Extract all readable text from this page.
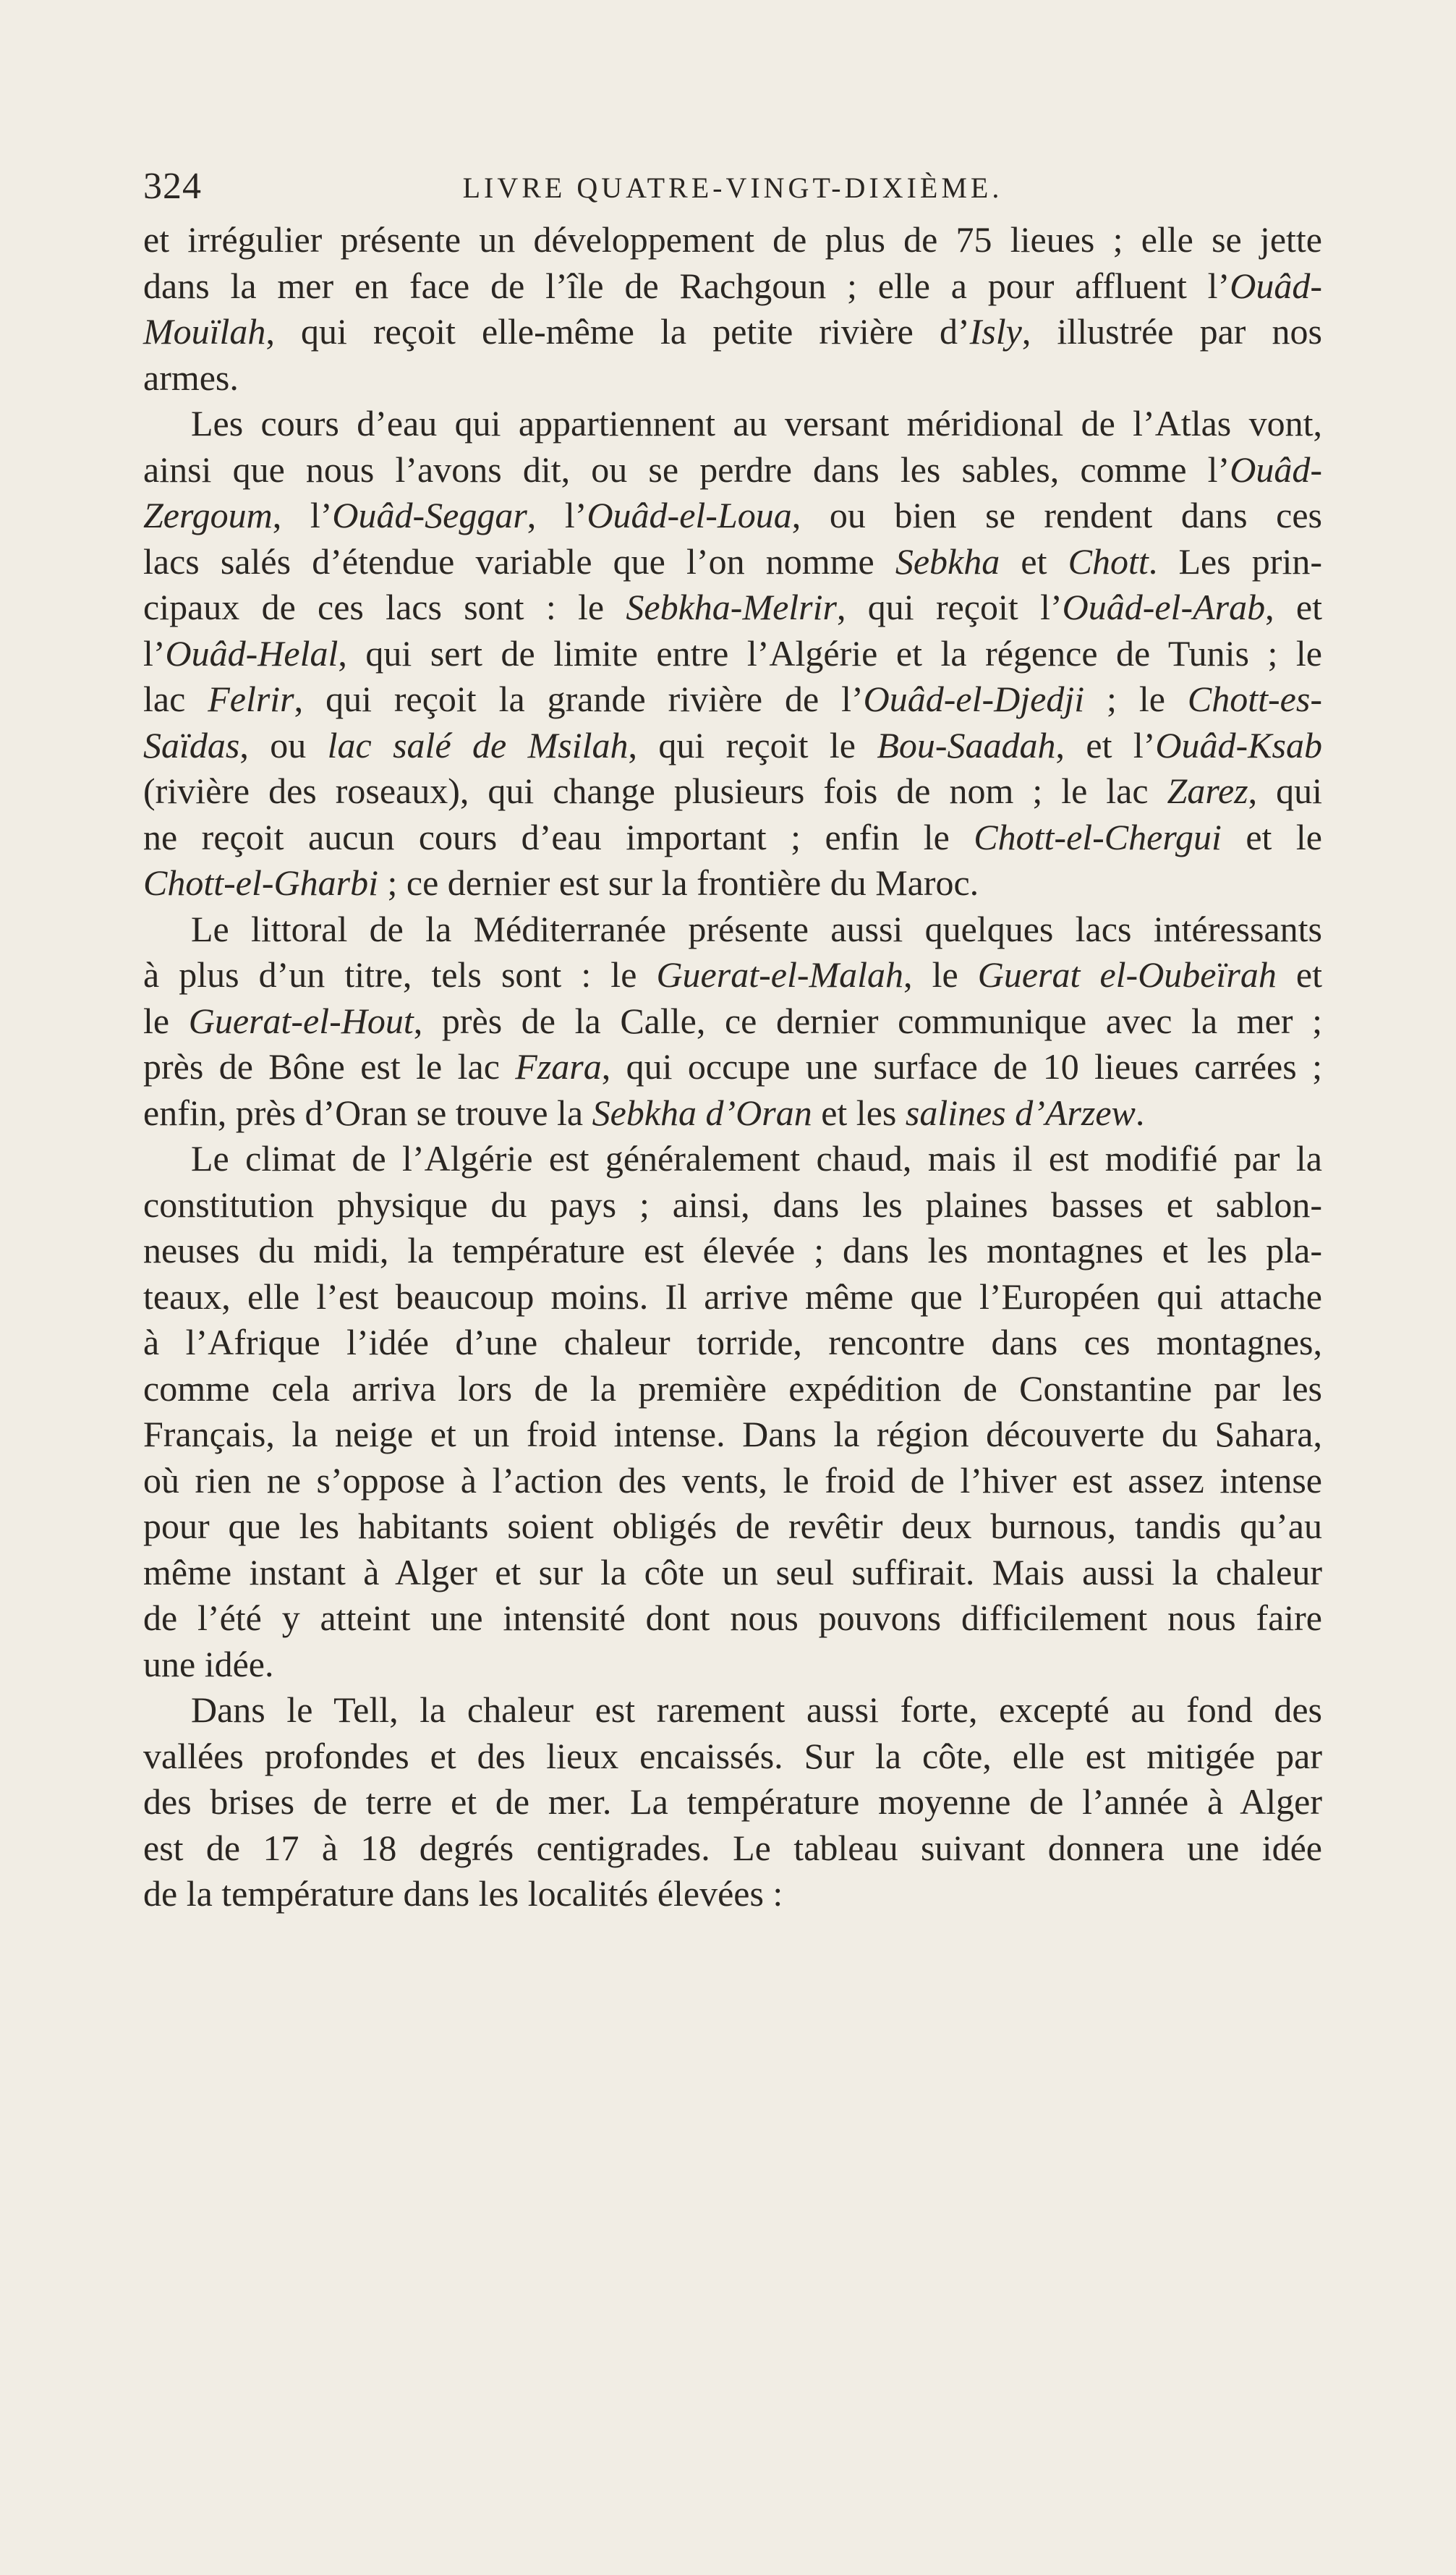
324	LIVRE QUATRE-VINGT-DIXIÈME.

et irrégulier présente un développement de plus de 75 lieues ; elle se jette
dans la mer en face de l’île de Rachgoun ; elle a pour affluent l’Ouâd-
Mouïlah, qui reçoit elle-même la petite rivière d’Isly, illustrée par nos
armes.

Les cours d’eau qui appartiennent au versant méridional de l’Atlas vont,
ainsi que nous l’avons dit, ou se perdre dans les sables, comme l’Ouâd-
Zergoum, l’Ouâd-Seggar, l’Ouâd-el-Loua, ou bien se rendent dans ces
lacs salés d’étendue variable que l’on nomme Sebkha et Chott. Les prin-
cipaux de ces lacs sont : le Sebkha-Melrir, qui reçoit l’Ouâd-el-Arab, et
l’Ouâd-Helal, qui sert de limite entre l’Algérie et la régence de Tunis ; le
lac Felrir, qui reçoit la grande rivière de l’Ouâd-el-Djedji ; le Chott-es-
Saïdas, ou lac salé de Msilah, qui reçoit le Bou-Saadah, et l’Ouâd-Ksab
(rivière des roseaux), qui change plusieurs fois de nom ; le lac Zarez, qui
ne reçoit aucun cours d’eau important ; enfin le Chott-el-Chergui et le
Chott-el-Gharbi ; ce dernier est sur la frontière du Maroc.

Le littoral de la Méditerranée présente aussi quelques lacs intéressants
à plus d’un titre, tels sont : le Guerat-el-Malah, le Guerat el-Oubeïrah et
le Guerat-el-Hout, près de la Calle, ce dernier communique avec la mer ;
près de Bône est le lac Fzara, qui occupe une surface de 10 lieues carrées ;
enfin, près d’Oran se trouve la Sebkha d’Oran et les salines d’Arzew.

Le climat de l’Algérie est généralement chaud, mais il est modifié par la
constitution physique du pays ; ainsi, dans les plaines basses et sablon-
neuses du midi, la température est élevée ; dans les montagnes et les pla-
teaux, elle l’est beaucoup moins. Il arrive même que l’Européen qui attache
à l’Afrique l’idée d’une chaleur torride, rencontre dans ces montagnes,
comme cela arriva lors de la première expédition de Constantine par les
Français, la neige et un froid intense. Dans la région découverte du Sahara,
où rien ne s’oppose à l’action des vents, le froid de l’hiver est assez intense
pour que les habitants soient obligés de revêtir deux burnous, tandis qu’au
même instant à Alger et sur la côte un seul suffirait. Mais aussi la chaleur
de l’été y atteint une intensité dont nous pouvons difficilement nous faire
une idée.

Dans le Tell, la chaleur est rarement aussi forte, excepté au fond des
vallées profondes et des lieux encaissés. Sur la côte, elle est mitigée par
des brises de terre et de mer. La température moyenne de l’année à Alger
est de 17 à 18 degrés centigrades. Le tableau suivant donnera une idée
de la température dans les localités élevées :
